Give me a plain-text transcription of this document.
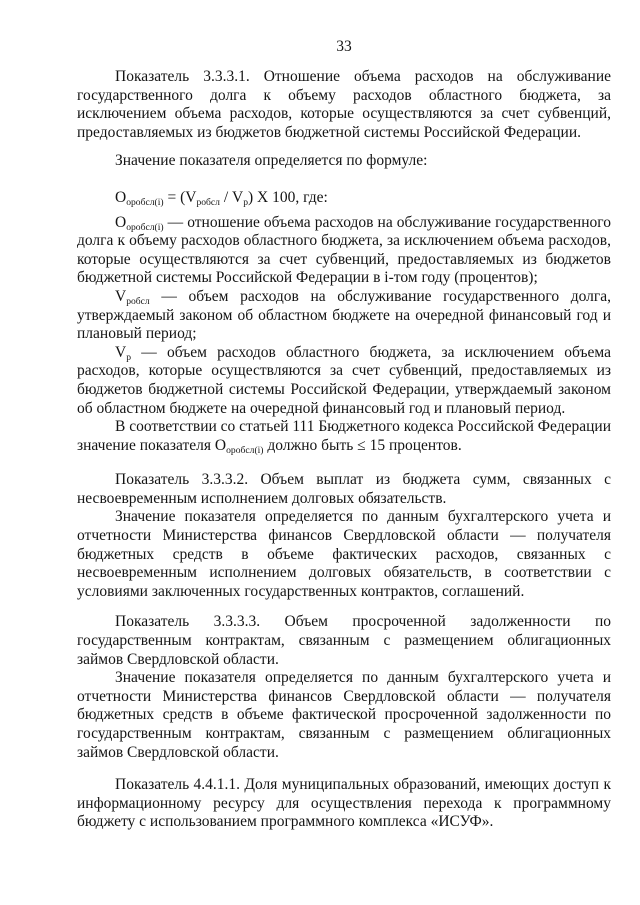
33

Показатель 3.3.3.1. Отношение объема расходов на обслуживание государственного долга к объему расходов областного бюджета, за исключением объема расходов, которые осуществляются за счет субвенций, предоставляемых из бюджетов бюджетной системы Российской Федерации.

Значение показателя определяется по формуле:

$О_{оробсл(i)} = (V_{робсл} / V_р)$ X 100, где:

$О_{оробсл(i)}$ — отношение объема расходов на обслуживание государственного долга к объему расходов областного бюджета, за исключением объема расходов, которые осуществляются за счет субвенций, предоставляемых из бюджетов бюджетной системы Российской Федерации в i-том году (процентов);

$V_{робсл}$ — объем расходов на обслуживание государственного долга, утверждаемый законом об областном бюджете на очередной финансовый год и плановый период;

$V_р$ — объем расходов областного бюджета, за исключением объема расходов, которые осуществляются за счет субвенций, предоставляемых из бюджетов бюджетной системы Российской Федерации, утверждаемый законом об областном бюджете на очередной финансовый год и плановый период.

В соответствии со статьей 111 Бюджетного кодекса Российской Федерации значение показателя $О_{оробсл(i)}$ должно быть ≤ 15 процентов.

Показатель 3.3.3.2. Объем выплат из бюджета сумм, связанных с несвоевременным исполнением долговых обязательств.

Значение показателя определяется по данным бухгалтерского учета и отчетности Министерства финансов Свердловской области — получателя бюджетных средств в объеме фактических расходов, связанных с несвоевременным исполнением долговых обязательств, в соответствии с условиями заключенных государственных контрактов, соглашений.

Показатель 3.3.3.3. Объем просроченной задолженности по государственным контрактам, связанным с размещением облигационных займов Свердловской области.

Значение показателя определяется по данным бухгалтерского учета и отчетности Министерства финансов Свердловской области — получателя бюджетных средств в объеме фактической просроченной задолженности по государственным контрактам, связанным с размещением облигационных займов Свердловской области.

Показатель 4.4.1.1. Доля муниципальных образований, имеющих доступ к информационному ресурсу для осуществления перехода к программному бюджету с использованием программного комплекса «ИСУФ».
